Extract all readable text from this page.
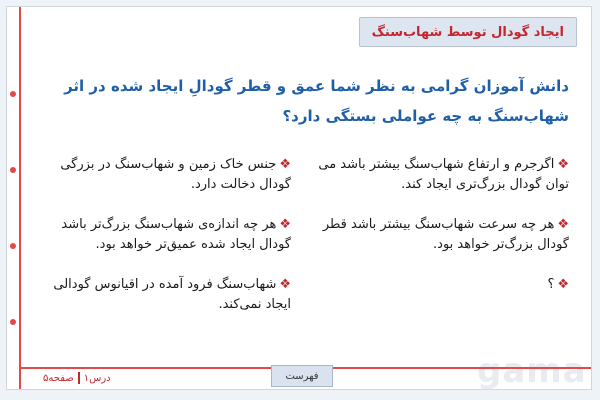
ایجاد گودال توسط شهاب‌سنگ
دانش آموزان گرامی به نظر شما عمق و قطر گودالِ ایجاد شده در اثر شهاب‌سنگ به چه عواملی بستگی دارد؟
❖اگرجرم و ارتفاع شهاب‌سنگ بیشتر باشد می توان گودال بزرگ‌تری ایجاد کند.
❖هر چه سرعت شهاب‌سنگ بیشتر باشد قطر گودال بزرگ‌تر خواهد بود.
❖؟
❖جنس خاک زمین و شهاب‌سنگ در بزرگی گودال دخالت دارد.
❖هر چه اندازه‌ی شهاب‌سنگ بزرگ‌تر باشد گودال ایجاد شده عمیق‌تر خواهد بود.
❖شهاب‌سنگ فرود آمده در اقیانوس گودالی ایجاد نمی‌کند.
gama
درس۱
صفحه۵	فهرست
